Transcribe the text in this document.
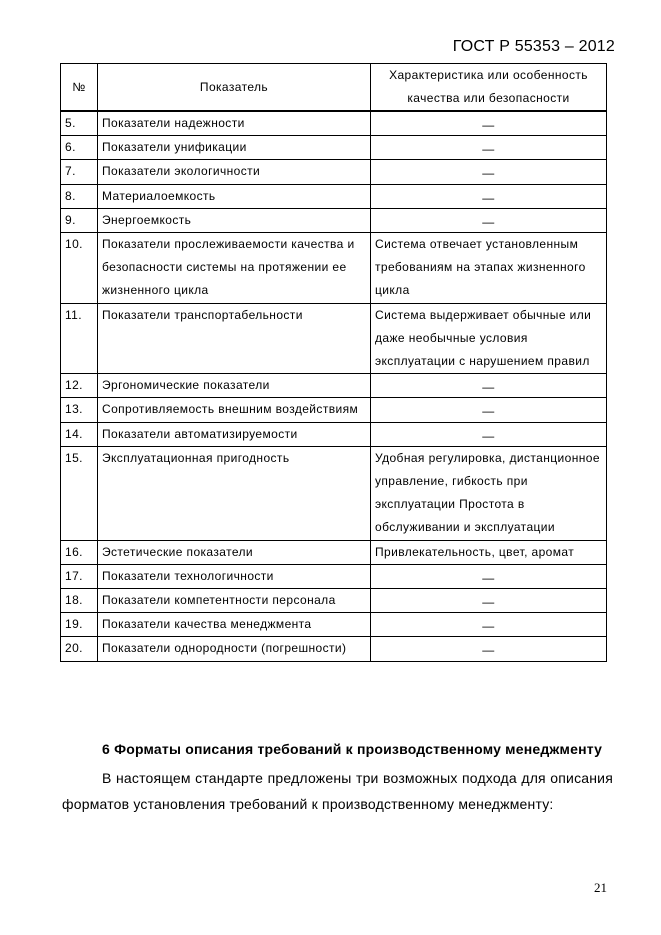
ГОСТ Р 55353 – 2012
№	Показатель	Характеристика или особенность качества или безопасности
5.	Показатели надежности	—
6.	Показатели унификации	—
7.	Показатели экологичности	—
8.	Материалоемкость	—
9.	Энергоемкость	—
10.	Показатели прослеживаемости качества и безопасности системы на протяжении ее жизненного цикла	Система отвечает установленным требованиям на этапах жизненного цикла
11.	Показатели транспортабельности	Система выдерживает обычные или даже необычные условия эксплуатации с нарушением правил
12.	Эргономические показатели	—
13.	Сопротивляемость внешним воздействиям	—
14.	Показатели автоматизируемости	—
15.	Эксплуатационная пригодность	Удобная регулировка, дистанционное управление, гибкость при эксплуатации Простота в обслуживании и эксплуатации
16.	Эстетические показатели	Привлекательность, цвет, аромат
17.	Показатели технологичности	—
18.	Показатели компетентности персонала	—
19.	Показатели качества менеджмента	—
20.	Показатели однородности (погрешности)	—
6 Форматы описания требований к производственному менеджменту

В настоящем стандарте предложены три возможных подхода для описания форматов установления требований к производственному менеджменту:

21
